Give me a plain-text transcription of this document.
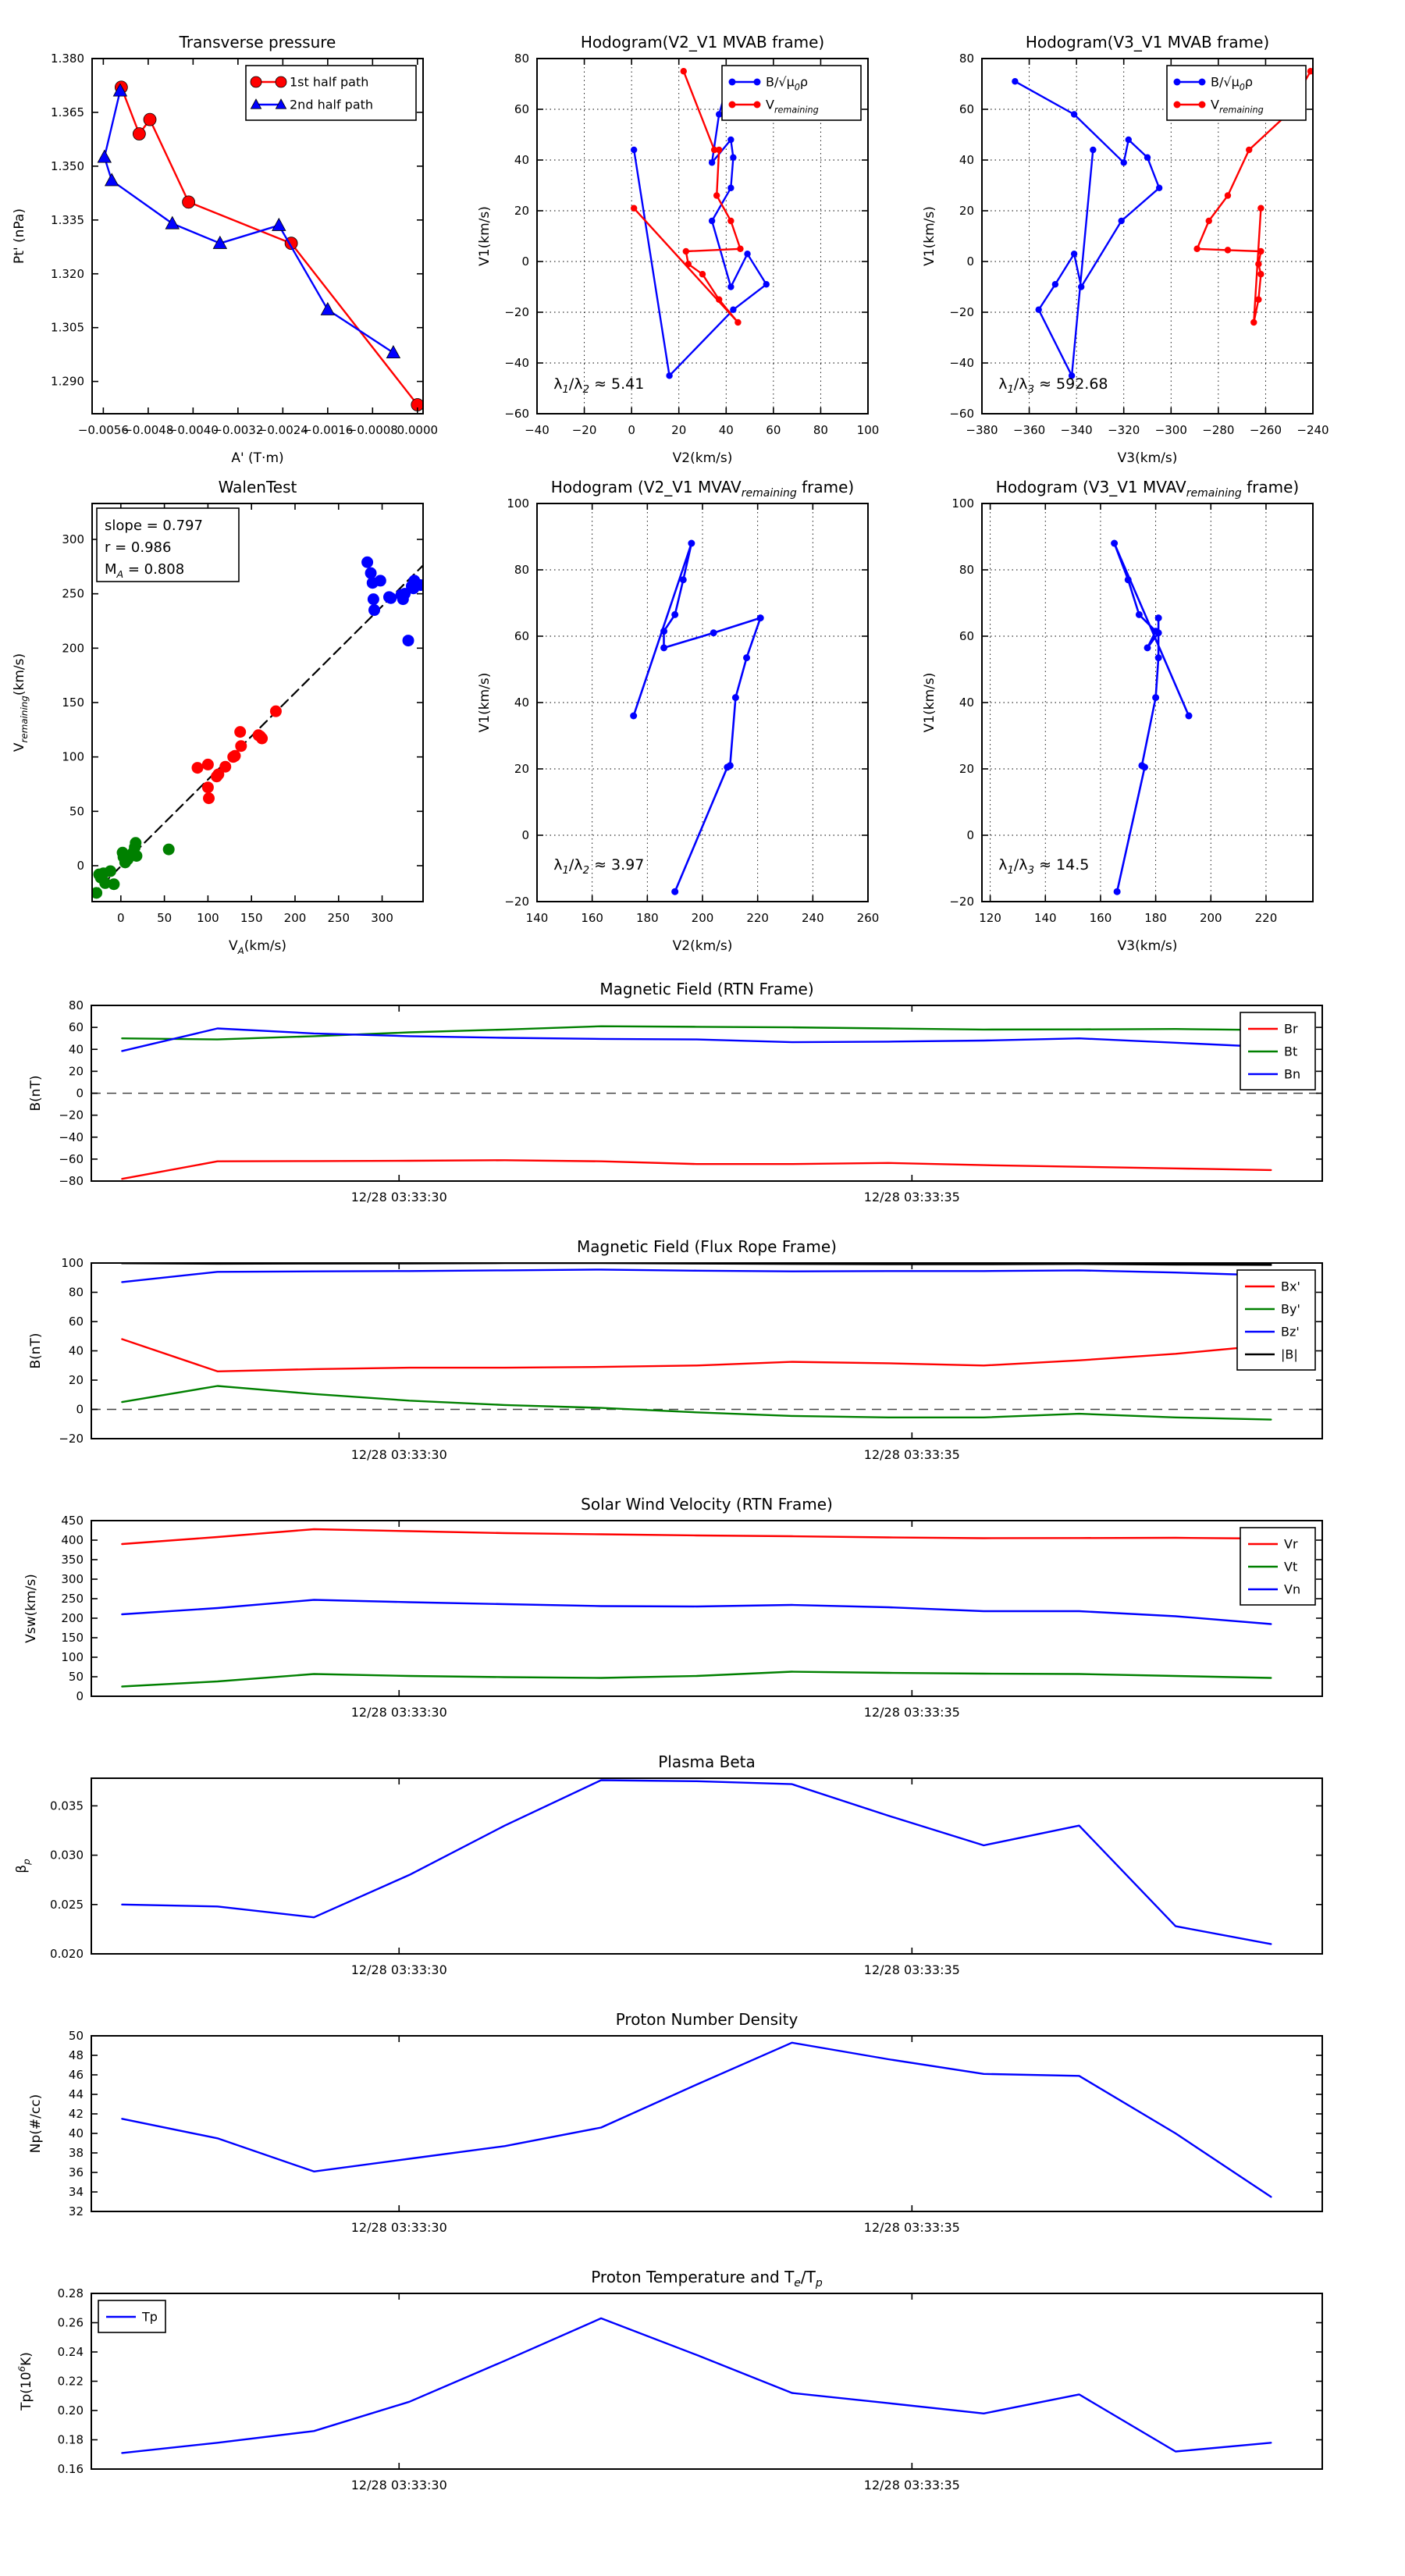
−0.0056
−0.0048
−0.0040
−0.0032
−0.0024
−0.0016
−0.0008
0.0000
1.290
1.305
1.320
1.335
1.350
1.365
1.380
Transverse pressure
A' (T·m)
Pt' (nPa)
1st half path
2nd half path
−40 −20	0	20	40	60	80 100
−60
−40
−20
0
20
40
60
80
Hodogram(V2_V1 MVAB frame)
V2(km/s)
V1(km/s)
$B/√\mu_0\rho$
$V_{remaining}$
$\lambda_1/\lambda_2 \approx 5.41$
−380 −360 −340 −320 −300 −280 −260 −240
−60
−40
−20
0
20
40
60
80
Hodogram(V3_V1 MVAB frame)
V3(km/s)
V1(km/s)
$B/√\mu_0\rho$
$V_{remaining}$
$\lambda_1/\lambda_3 \approx 592.68$
0	50 100 150 200 250 300
0
50
100
150
200
250
300
WalenTest
$V_A(km/s)$
$V_{remaining}(km/s)$
slope = 0.797
r = 0.986
$M_A = 0.808$
140	160	180	200	220	240	260
−20
0
20
40
60
80
100
Hodogram (V2_V1 $MVAV_{remaining}$ frame)
V2(km/s)
V1(km/s)
$\lambda_1/\lambda_2 \approx 3.97$
120	140	160	180	200	220
−20
0
20
40
60
80
100
Hodogram (V3_V1 $MVAV_{remaining}$ frame)
V3(km/s)
V1(km/s)
$\lambda_1/\lambda_3 \approx 14.5$
12/28 03:33:30	12/28 03:33:35
−80
−60
−40
−20
0
20
40
60
80
Magnetic Field (RTN Frame)
B(nT)
Br
Bt
Bn
12/28 03:33:30	12/28 03:33:35
−20
0
20
40
60
80
100
Magnetic Field (Flux Rope Frame)
B(nT)
Bx'
By'
Bz'
|B|
12/28 03:33:30	12/28 03:33:35
0
50
100
150
200
250
300
350
400
450
Solar Wind Velocity (RTN Frame)
Vsw(km/s)
Vr
Vt
Vn
12/28 03:33:30	12/28 03:33:35
0.020
0.025
0.030
0.035
Plasma Beta
$\beta_p$
12/28 03:33:30	12/28 03:33:35
32
34
36
38
40
42
44
46
48
50
Proton Number Density
Np(#/cc)
12/28 03:33:30	12/28 03:33:35
0.16
0.18
0.20
0.22
0.24
0.26
0.28
Proton Temperature and $T_e/T_p$
$Tp(10^6K)$
Tp
